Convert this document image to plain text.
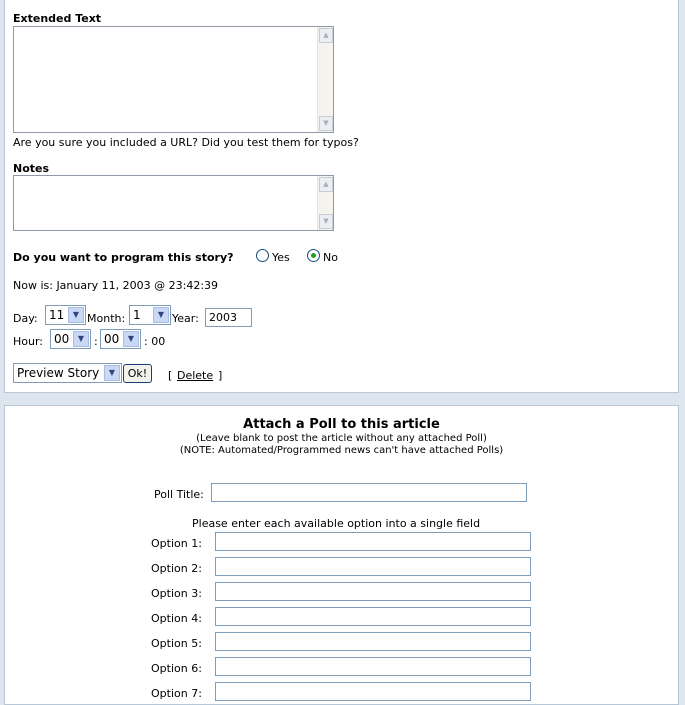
Extended Text
▲
▼
Are you sure you included a URL? Did you test them for typos?
Notes
▲
▼
Do you want to program this story?	Yes	No
Now is: January 11, 2003 @ 23:42:39
Day: 11	▼ Month: 1	▼ Year: 2003
Hour: 00	▼ : 00	▼ : 00
Preview Story	▼	Ok!	[ Delete ]
Attach a Poll to this article
(Leave blank to post the article without any attached Poll)
(NOTE: Automated/Programmed news can't have attached Polls)
Poll Title:
Please enter each available option into a single field
Option 1:
Option 2:
Option 3:
Option 4:
Option 5:
Option 6:
Option 7:
